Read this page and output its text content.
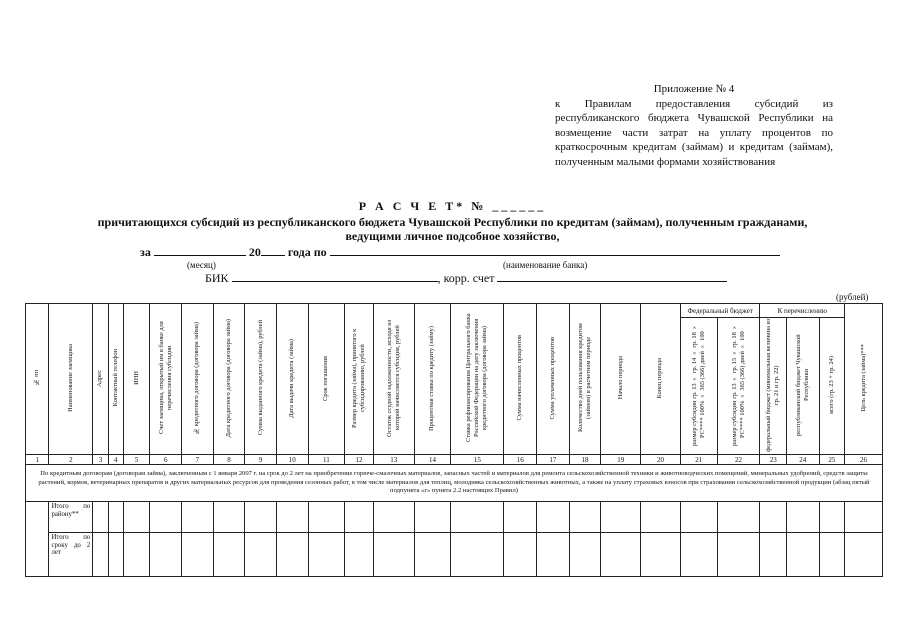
Приложение № 4
к Правилам предоставления субсидий из республиканского бюджета Чувашской Республики на возмещение части затрат на уплату процентов по краткосрочным кредитам (займам) и кредитам (займам), полученным малыми формами хозяйствования
Р А С Ч Е Т* № ______
причитающихся субсидий из республиканского бюджета Чувашской Республики по кредитам (займам), полученным гражданами,
ведущими личное подсобное хозяйство,
за	20 года по
(месяц)	(наименование банка)
БИК	, корр. счет
(рублей)
№ пп	Наименование заемщика	Адрес	Контактный телефон	ИНН	Счет заемщика, открытый им в банке для перечисления субсидии	№ кредитного договора (договора займа)	Дата кредитного договора (договора займа)	Сумма выданного кредита (займа), рублей	Дата выдачи кредита (займа)	Срок погашения	Размер кредита (займа), принятого к субсидированию, рублей	Остаток ссудной задолженности, исходя из которой начисляется субсидия, рублей	Процентная ставка по кредиту (займу)	Ставка рефинансирования Центрального банка Российской Федерации на дату заключения кредитного договора (договора займа)	Сумма начисленных процентов	Сумма уплаченных процентов	Количество дней пользования кредитом (займом) в расчетном периоде	Начало периода	Конец периода	Федеральный бюджет		К перечислению			Цель кредита (займа)***
																				размер субсидии гр. 13 × гр. 14 × гр. 18 × РС**** 100% × 365 (366) дней × 100	размер субсидии гр. 13 × гр. 15 × гр. 18 × РС**** 100% × 365 (366) дней × 100	федеральный бюджет (минимальная величина из гр. 21 и гр. 22)	республиканский бюджет Чувашской Республики	всего (гр. 23 + гр. 24)	
1	2	3	4	5	6	7	8	9	10	11	12	13	14	15	16	17	18	19	20	21	22	23	24	25	26
По кредитным договорам (договорам займа), заключенным с 1 января 2007 г. на срок до 2 лет на приобретение горюче-смазочных материалов, запасных частей и материалов для ремонта сельскохозяйственной техники и животноводческих помещений, минеральных удобрений, средств защиты растений, кормов, ветеринарных препаратов и других материальных ресурсов для проведения сезонных работ, в том числе материалов для теплиц, молодняка сельскохозяйственных животных, а также на уплату страховых взносов при страховании сельскохозяйственной продукции (абзац пятый подпункта «г» пункта 2.2 настоящих Правил)																									
	Итого по району**																								
	Итого по сроку до 2 лет																								
